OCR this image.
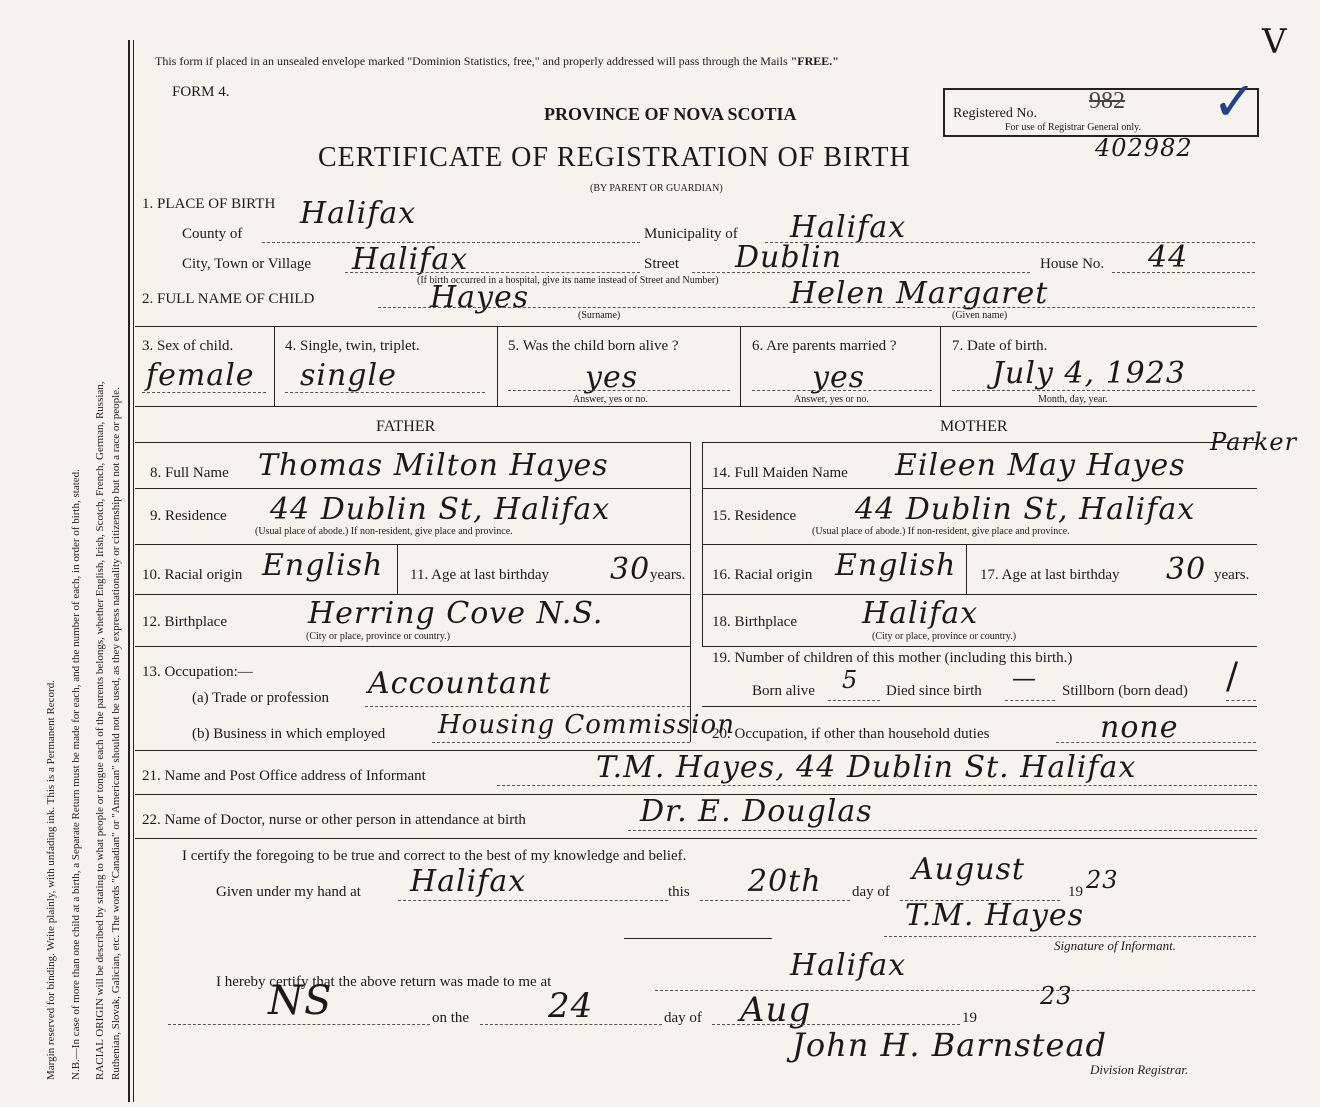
Margin reserved for binding. Write plainly, with unfading ink. This is a Permanent Record. N.B.—In case of more than one child at a birth, a Separate Return must be made for each, and the number of each, in order of birth, stated. RACIAL ORIGIN will be described by stating to what people or tongue each of the parents belongs, whether English, Irish, Scotch, French, German, Russian, Ruthenian, Slovak, Galician, etc. The words "Canadian" or "American" should not be used, as they express nationality or citizenship but not a race or people.
This form if placed in an unsealed envelope marked "Dominion Statistics, free," and properly addressed will pass through the Mails "FREE."
FORM 4.
PROVINCE OF NOVA SCOTIA
CERTIFICATE OF REGISTRATION OF BIRTH
(BY PARENT OR GUARDIAN)
Registered No. 982
For use of Registrar General only. ✓
V
402982
1. PLACE OF BIRTH Halifax
County of	Municipality of Halifax
City, Town or Village Halifax	Street Dublin	House No. 44
(If birth occurred in a hospital, give its name instead of Street and Number)
2. FULL NAME OF CHILD	Hayes	Helen Margaret
(Surname)	(Given name)
3. Sex of child.
female
4. Single, twin, triplet.
single
5. Was the child born alive ?
yes
Answer, yes or no.
6. Are parents married ?
yes
Answer, yes or no.
7. Date of birth.
July 4, 1923
Month, day, year.
FATHER	MOTHER
8. Full Name Thomas Milton Hayes
9. Residence 44 Dublin St, Halifax
(Usual place of abode.) If non-resident, give place and province.
10. Racial origin English 11. Age at last birthday 30 years.
12. Birthplace	Herring Cove N.S.
(City or place, province or country.)
13. Occupation:—
(a) Trade or profession Accountant
(b) Business in which employed Housing Commission
14. Full Maiden Name Eileen May Hayes
Parker
15. Residence 44 Dublin St, Halifax
(Usual place of abode.) If non-resident, give place and province.
16. Racial origin English 17. Age at last birthday 30 years.
18. Birthplace Halifax
(City or place, province or country.)
19. Number of children of this mother (including this birth.)
Born alive 5 Died since birth — Stillborn (born dead) /
20. Occupation, if other than household duties	none
21. Name and Post Office address of Informant	T.M. Hayes, 44 Dublin St. Halifax
22. Name of Doctor, nurse or other person in attendance at birth	Dr. E. Douglas
I certify the foregoing to be true and correct to the best of my knowledge and belief.
Given under my hand at Halifax	this 20th day of
August
19 23
T.M. Hayes
Signature of Informant.
I hereby certify that the above return was made to me at	Halifax
NS	on the 24	day of Aug	19
23
John H. Barnstead
Division Registrar.
